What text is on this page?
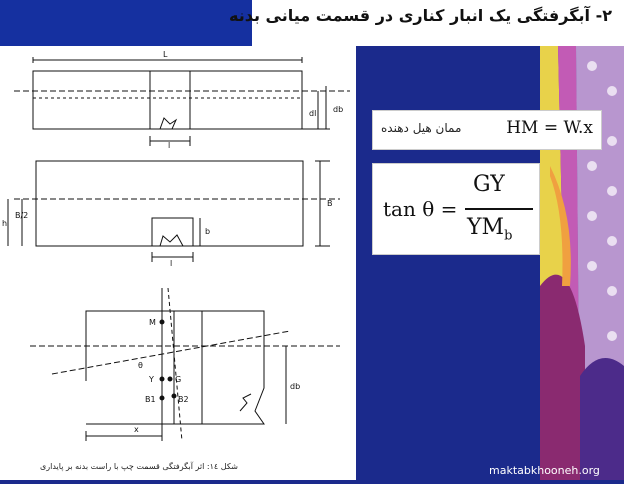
۲- آبگرفتگی یک انبار کناری در قسمت میانی بدنه
L
l
db
dl
h
B/2
B
b
l
M
θ
Y	G
B1	B2
db
x
ممان هیل دهنده	HM = W.x
tan θ =
GY
$YM_b$
شکل ۱٤: اثر آبگرفتگی قسمت چپ با راست بدنه بر پایداری	maktabkhooneh.org
